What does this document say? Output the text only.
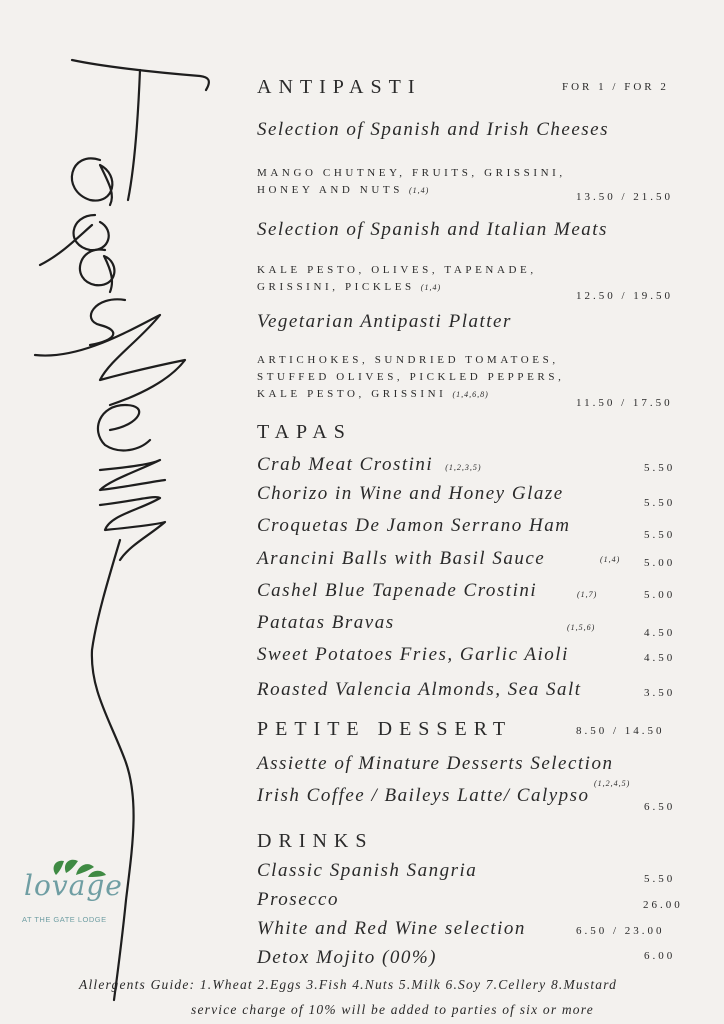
ANTIPASTI	FOR 1 / FOR 2
Selection of Spanish and Irish Cheeses
MANGO CHUTNEY, FRUITS, GRISSINI,
HONEY AND NUTS (1,4)
13.50 / 21.50
Selection of Spanish and Italian Meats
KALE PESTO, OLIVES, TAPENADE,
GRISSINI, PICKLES (1,4)
12.50 / 19.50
Vegetarian Antipasti Platter
ARTICHOKES, SUNDRIED TOMATOES,
STUFFED OLIVES, PICKLED PEPPERS,
KALE PESTO, GRISSINI (1,4,6,8)
11.50 / 17.50
TAPAS
Crab Meat Crostini (1,2,3,5)	5.50
Chorizo in Wine and Honey Glaze	5.50
Croquetas De Jamon Serrano Ham	5.50
Arancini Balls with Basil Sauce	(1,4) 5.00
Cashel Blue Tapenade Crostini	(1,7)	5.00
Patatas Bravas	(1,5,6)	4.50
Sweet Potatoes Fries, Garlic Aioli	4.50
Roasted Valencia Almonds, Sea Salt	3.50
PETITE DESSERT	8.50 / 14.50
Assiette of Minature Desserts Selection
(1,2,4,5)
Irish Coffee / Baileys Latte/ Calypso
6.50
DRINKS
Classic Spanish Sangria	5.50
Prosecco	26.00
White and Red Wine selection	6.50 / 23.00
Detox Mojito (00%)	6.00
lovage
AT THE GATE LODGE
Allergents Guide: 1.Wheat 2.Eggs 3.Fish 4.Nuts 5.Milk 6.Soy 7.Cellery 8.Mustard
service charge of 10% will be added to parties of six or more
